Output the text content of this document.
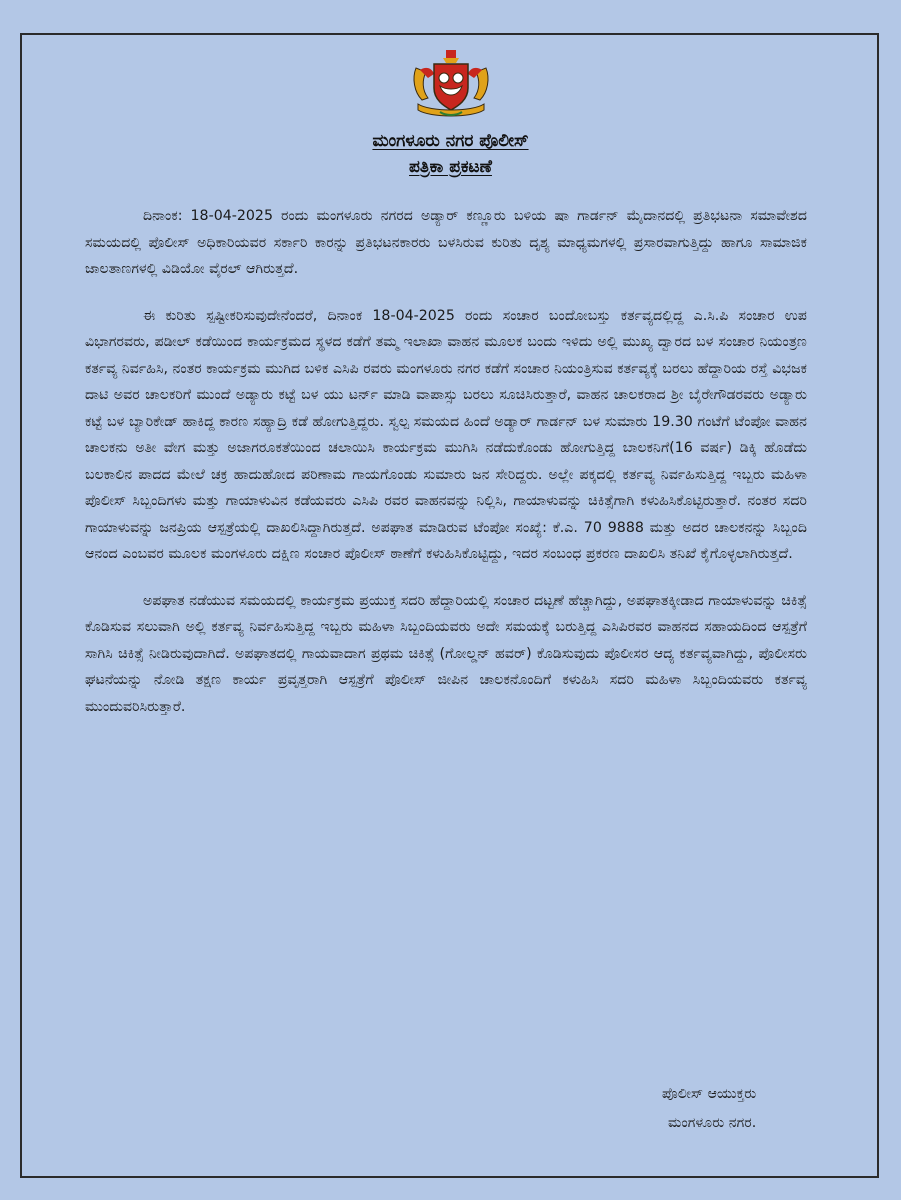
ಮಂಗಳೂರು ನಗರ ಪೊಲೀಸ್
ಪತ್ರಿಕಾ ಪ್ರಕಟಣೆ

ದಿನಾಂಕ: 18-04-2025 ರಂದು ಮಂಗಳೂರು ನಗರದ ಅಡ್ಯಾರ್ ಕಣ್ಣೂರು ಬಳಿಯ ಷಾ ಗಾರ್ಡನ್ ಮೈದಾನದಲ್ಲಿ ಪ್ರತಿಭಟನಾ ಸಮಾವೇಶದ ಸಮಯದಲ್ಲಿ ಪೊಲೀಸ್ ಅಧಿಕಾರಿಯವರ ಸರ್ಕಾರಿ ಕಾರನ್ನು ಪ್ರತಿಭಟನಕಾರರು ಬಳಸಿರುವ ಕುರಿತು ದೃಶ್ಯ ಮಾಧ್ಯಮಗಳಲ್ಲಿ ಪ್ರಸಾರವಾಗುತ್ತಿದ್ದು ಹಾಗೂ ಸಾಮಾಜಿಕ ಜಾಲತಾಣಗಳಲ್ಲಿ ವಿಡಿಯೋ ವೈರಲ್ ಆಗಿರುತ್ತದೆ.

ಈ ಕುರಿತು ಸ್ಪಷ್ಟೀಕರಿಸುವುದೇನೆಂದರೆ, ದಿನಾಂಕ 18-04-2025 ರಂದು ಸಂಚಾರ ಬಂದೋಬಸ್ತು ಕರ್ತವ್ಯದಲ್ಲಿದ್ದ ಎ.ಸಿ.ಪಿ ಸಂಚಾರ ಉಪ ವಿಭಾಗರವರು, ಪಡೀಲ್ ಕಡೆಯಿಂದ ಕಾರ್ಯಕ್ರಮದ ಸ್ಥಳದ ಕಡೆಗೆ ತಮ್ಮ ಇಲಾಖಾ ವಾಹನ ಮೂಲಕ ಬಂದು ಇಳಿದು ಅಲ್ಲಿ ಮುಖ್ಯ ದ್ವಾರದ ಬಳ ಸಂಚಾರ ನಿಯಂತ್ರಣ ಕರ್ತವ್ಯ ನಿರ್ವಹಿಸಿ, ನಂತರ ಕಾರ್ಯಕ್ರಮ ಮುಗಿದ ಬಳಿಕ ಎಸಿಪಿ ರವರು ಮಂಗಳೂರು ನಗರ ಕಡೆಗೆ ಸಂಚಾರ ನಿಯಂತ್ರಿಸುವ ಕರ್ತವ್ಯಕ್ಕೆ ಬರಲು ಹೆದ್ದಾರಿಯ ರಸ್ತೆ ವಿಭಜಕ ದಾಟಿ ಅವರ ಚಾಲಕರಿಗೆ ಮುಂದೆ ಅಡ್ಯಾರು ಕಟ್ಟೆ ಬಳ ಯು ಟರ್ನ್ ಮಾಡಿ ವಾಪಾಸ್ಸು ಬರಲು ಸೂಚಿಸಿರುತ್ತಾರೆ, ವಾಹನ ಚಾಲಕರಾದ ಶ್ರೀ ಬೈರೇಗೌಡರವರು ಅಡ್ಯಾರು ಕಟ್ಟೆ ಬಳ ಬ್ಯಾರಿಕೇಡ್ ಹಾಕಿದ್ದ ಕಾರಣ ಸಹ್ಯಾದ್ರಿ ಕಡೆ ಹೋಗುತ್ತಿದ್ದರು. ಸ್ವಲ್ಪ ಸಮಯದ ಹಿಂದೆ ಅಡ್ಯಾರ್ ಗಾರ್ಡನ್ ಬಳ ಸುಮಾರು 19.30 ಗಂಟೆಗೆ ಟೆಂಪೋ ವಾಹನ ಚಾಲಕನು ಅತೀ ವೇಗ ಮತ್ತು ಅಜಾಗರೂಕತೆಯಿಂದ ಚಲಾಯಿಸಿ ಕಾರ್ಯಕ್ರಮ ಮುಗಿಸಿ ನಡೆದುಕೊಂಡು ಹೋಗುತ್ತಿದ್ದ ಬಾಲಕನಿಗೆ(16 ವರ್ಷ) ಡಿಕ್ಕಿ ಹೊಡೆದು ಬಲಕಾಲಿನ ಪಾದದ ಮೇಲೆ ಚಕ್ರ ಹಾದುಹೋದ ಪರಿಣಾಮ ಗಾಯಗೊಂಡು ಸುಮಾರು ಜನ ಸೇರಿದ್ದರು. ಅಲ್ಲೇ ಪಕ್ಕದಲ್ಲಿ ಕರ್ತವ್ಯ ನಿರ್ವಹಿಸುತ್ತಿದ್ದ ಇಬ್ಬರು ಮಹಿಳಾ ಪೊಲೀಸ್ ಸಿಬ್ಬಂದಿಗಳು ಮತ್ತು ಗಾಯಾಳುವಿನ ಕಡೆಯವರು ಎಸಿಪಿ ರವರ ವಾಹನವನ್ನು ನಿಲ್ಲಿಸಿ, ಗಾಯಾಳುವನ್ನು ಚಿಕಿತ್ಸೆಗಾಗಿ ಕಳುಹಿಸಿಕೊಟ್ಟಿರುತ್ತಾರೆ. ನಂತರ ಸದರಿ ಗಾಯಾಳುವನ್ನು ಜನಪ್ರಿಯ ಆಸ್ಪತ್ರೆಯಲ್ಲಿ ದಾಖಲಿಸಿದ್ದಾಗಿರುತ್ತದೆ. ಅಪಘಾತ ಮಾಡಿರುವ ಟೆಂಪೋ ಸಂಖ್ಯೆ: ಕೆ.ಎ. 70 9888 ಮತ್ತು ಅದರ ಚಾಲಕನನ್ನು ಸಿಬ್ಬಂದಿ ಆನಂದ ಎಂಬವರ ಮೂಲಕ ಮಂಗಳೂರು ದಕ್ಷಿಣ ಸಂಚಾರ ಪೊಲೀಸ್ ಠಾಣೆಗೆ ಕಳುಹಿಸಿಕೊಟ್ಟಿದ್ದು, ಇದರ ಸಂಬಂಧ ಪ್ರಕರಣ ದಾಖಲಿಸಿ ತನಿಖೆ ಕೈಗೊಳ್ಳಲಾಗಿರುತ್ತದೆ.

ಅಪಘಾತ ನಡೆಯುವ ಸಮಯದಲ್ಲಿ ಕಾರ್ಯಕ್ರಮ ಪ್ರಯುಕ್ತ ಸದರಿ ಹೆದ್ದಾರಿಯಲ್ಲಿ ಸಂಚಾರ ದಟ್ಟಣೆ ಹೆಚ್ಚಾಗಿದ್ದು, ಅಪಘಾತಕ್ಕೀಡಾದ ಗಾಯಾಳುವನ್ನು ಚಿಕಿತ್ಸೆ ಕೊಡಿಸುವ ಸಲುವಾಗಿ ಅಲ್ಲಿ ಕರ್ತವ್ಯ ನಿರ್ವಹಿಸುತ್ತಿದ್ದ ಇಬ್ಬರು ಮಹಿಳಾ ಸಿಬ್ಬಂದಿಯವರು ಅದೇ ಸಮಯಕ್ಕೆ ಬರುತ್ತಿದ್ದ ಎಸಿಪಿರವರ ವಾಹನದ ಸಹಾಯದಿಂದ ಆಸ್ಪತ್ರೆಗೆ ಸಾಗಿಸಿ ಚಿಕಿತ್ಸೆ ನೀಡಿರುವುದಾಗಿದೆ. ಅಪಘಾತದಲ್ಲಿ ಗಾಯವಾದಾಗ ಪ್ರಥಮ ಚಿಕಿತ್ಸೆ (ಗೋಲ್ಡನ್ ಹವರ್) ಕೊಡಿಸುವುದು ಪೊಲೀಸರ ಆದ್ಯ ಕರ್ತವ್ಯವಾಗಿದ್ದು, ಪೊಲೀಸರು ಘಟನೆಯನ್ನು ನೋಡಿ ತಕ್ಷಣ ಕಾರ್ಯ ಪ್ರವೃತ್ತರಾಗಿ ಆಸ್ಪತ್ರೆಗೆ ಪೊಲೀಸ್ ಜೀಪಿನ ಚಾಲಕನೊಂದಿಗೆ ಕಳುಹಿಸಿ ಸದರಿ ಮಹಿಳಾ ಸಿಬ್ಬಂದಿಯವರು ಕರ್ತವ್ಯ ಮುಂದುವರಿಸಿರುತ್ತಾರೆ.

ಪೊಲೀಸ್ ಆಯುಕ್ತರು
ಮಂಗಳೂರು ನಗರ.
